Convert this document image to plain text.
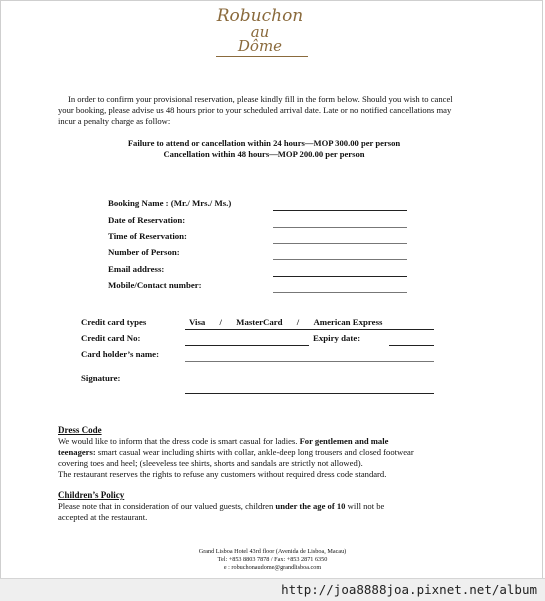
Robuchon
au
Dôme
In order to confirm your provisional reservation, please kindly fill in the form below. Should you wish to cancel your booking, please advise us 48 hours prior to your scheduled arrival date. Late or no notified cancellations may incur a penalty charge as follow:
Failure to attend or cancellation within 24 hours—MOP 300.00 per person
Cancellation within 48 hours—MOP 200.00 per person
Booking Name : (Mr./ Mrs./ Ms.)
Date of Reservation:
Time of Reservation:
Number of Person:
Email address:
Mobile/Contact number:
Credit card types	Visa / MasterCard / American Express
Credit card No:	Expiry date:
Card holder’s name:
Signature:
Dress Code
We would like to inform that the dress code is smart casual for ladies. For gentlemen and male
teenagers: smart casual wear including shirts with collar, ankle-deep long trousers and closed footwear
covering toes and heel; (sleeveless tee shirts, shorts and sandals are strictly not allowed).
The restaurant reserves the rights to refuse any customers without required dress code standard.
Children’s Policy
Please note that in consideration of our valued guests, children under the age of 10 will not be
accepted at the restaurant.
Grand Lisboa Hotel 43rd floor (Avenida de Lisboa, Macau)
Tel: +853 8803 7878 / Fax: +853 2871 6350
e : robuchonaudome@grandlisboa.com
http://joa8888joa.pixnet.net/album
